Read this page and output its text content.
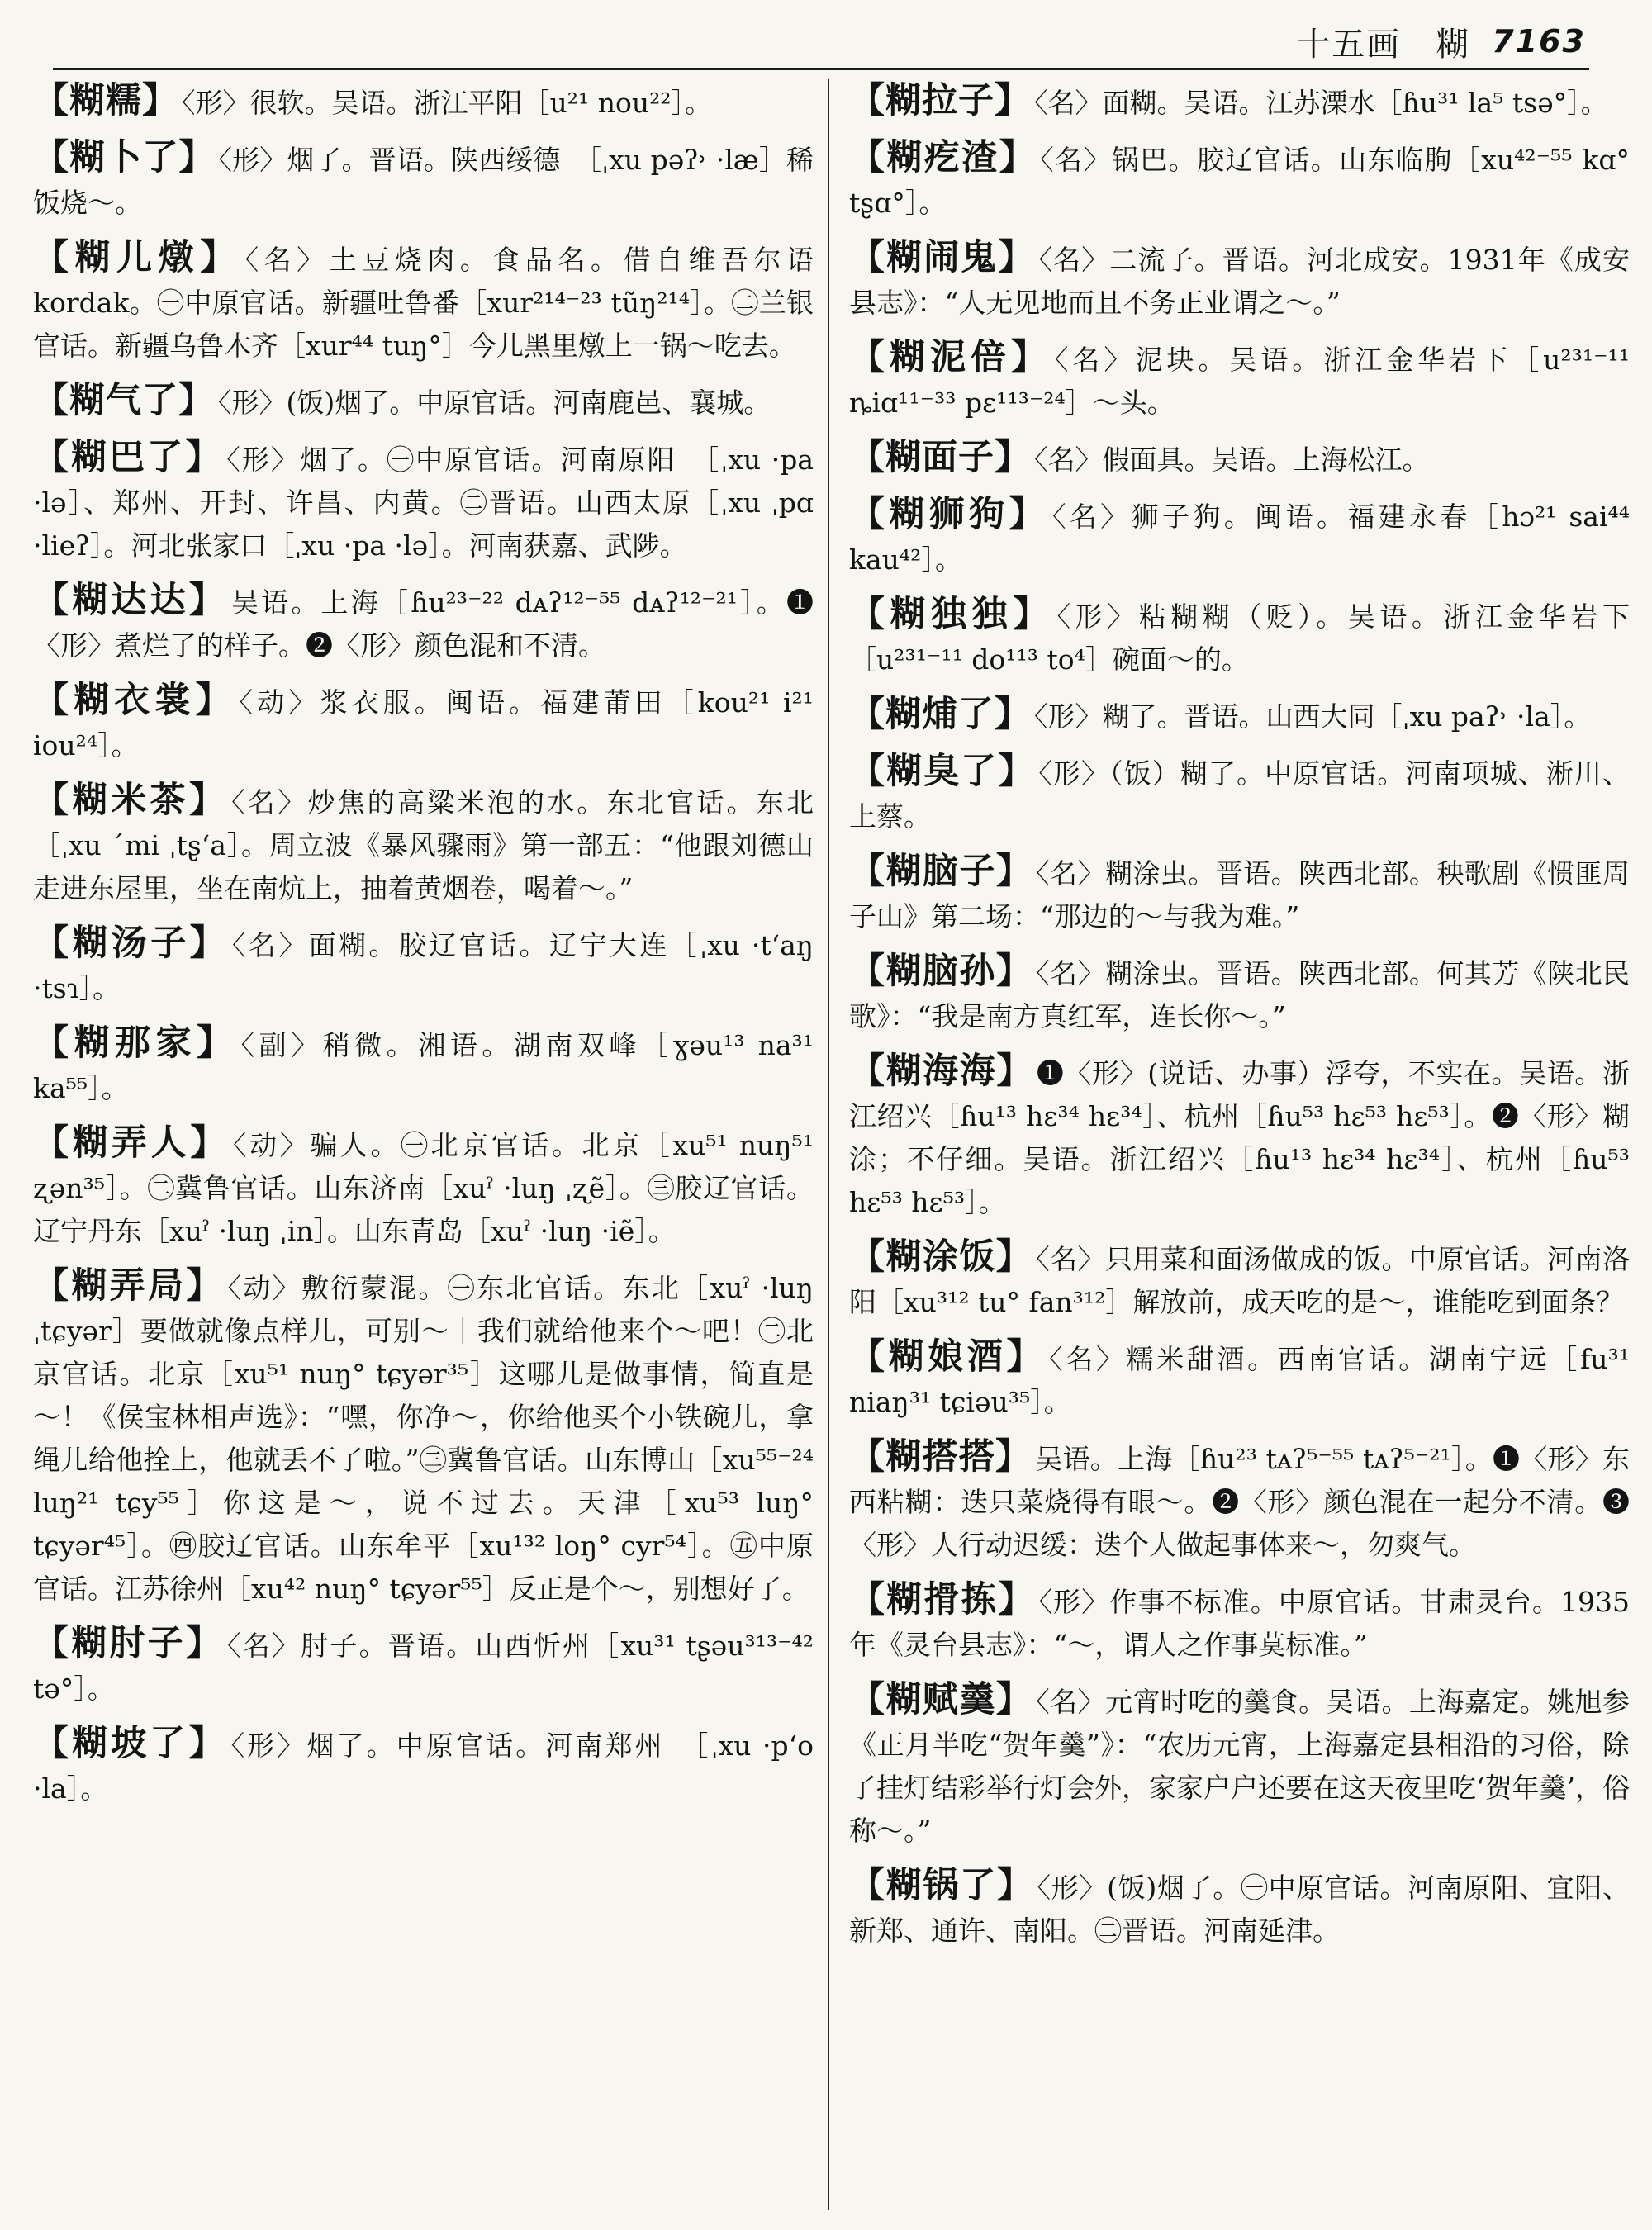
十五画　糊 7163
【糊糯】 〈形〉很软。吴语。浙江平阳［u²¹ nou²²］。
【糊卜了】 〈形〉烟了。晋语。陕西绥德　［ˌxu pəʔ˒ ·læ］稀饭烧～。
【糊儿燉】 〈名〉土豆烧肉。食品名。借自维吾尔语kordak。㊀中原官话。新疆吐鲁番［xur²¹⁴⁻²³ tũŋ²¹⁴］。㊁兰银官话。新疆乌鲁木齐［xur⁴⁴ tuŋ°］今儿黑里燉上一锅～吃去。
【糊气了】 〈形〉(饭)烟了。中原官话。河南鹿邑、襄城。
【糊巴了】 〈形〉烟了。㊀中原官话。河南原阳　［ˌxu ·pa ·lə］、郑州、开封、许昌、内黄。㊁晋语。山西太原［ˌxu ˌpɑ ·lieʔ］。河北张家口［ˌxu ·pa ·lə］。河南获嘉、武陟。
【糊达达】 吴语。上海［ɦu²³⁻²² dᴀʔ¹²⁻⁵⁵ dᴀʔ¹²⁻²¹］。❶〈形〉煮烂了的样子。❷〈形〉颜色混和不清。
【糊衣裳】 〈动〉浆衣服。闽语。福建莆田［kou²¹ i²¹ iou²⁴］。
【糊米茶】 〈名〉炒焦的高粱米泡的水。东北官话。东北［ˌxu ˊmi ˌtʂʻa］。周立波《暴风骤雨》第一部五：“他跟刘德山走进东屋里，坐在南炕上，抽着黄烟卷，喝着～。”
【糊汤子】 〈名〉面糊。胶辽官话。辽宁大连［ˌxu ·tʻaŋ ·tsɿ］。
【糊那家】 〈副〉稍微。湘语。湖南双峰［ɣəu¹³ na³¹ ka⁵⁵］。
【糊弄人】 〈动〉骗人。㊀北京官话。北京［xu⁵¹ nuŋ⁵¹ ʐən³⁵］。㊁冀鲁官话。山东济南［xuˀ ·luŋ ˌʐẽ］。㊂胶辽官话。辽宁丹东［xuˀ ·luŋ ˌin］。山东青岛［xuˀ ·luŋ ·iẽ］。
【糊弄局】 〈动〉敷衍蒙混。㊀东北官话。东北［xuˀ ·luŋ ˌtɕyər］要做就像点样儿，可别～｜我们就给他来个～吧！㊁北京官话。北京［xu⁵¹ nuŋ° tɕyər³⁵］这哪儿是做事情，简直是～！《侯宝林相声选》：“嘿，你净～，你给他买个小铁碗儿，拿绳儿给他拴上，他就丢不了啦。”㊂冀鲁官话。山东博山［xu⁵⁵⁻²⁴ luŋ²¹ tɕy⁵⁵］你这是～，说不过去。天津［xu⁵³ luŋ° tɕyər⁴⁵］。㊃胶辽官话。山东牟平［xu¹³² loŋ° cyr⁵⁴］。㊄中原官话。江苏徐州［xu⁴² nuŋ° tɕyər⁵⁵］反正是个～，别想好了。
【糊肘子】 〈名〉肘子。晋语。山西忻州［xu³¹ tʂəu³¹³⁻⁴² tə°］。
【糊坡了】 〈形〉烟了。中原官话。河南郑州　［ˌxu ·pʻo ·la］。
【糊拉子】 〈名〉面糊。吴语。江苏溧水［ɦu³¹ la⁵ tsə°］。
【糊疙渣】 〈名〉锅巴。胶辽官话。山东临朐［xu⁴²⁻⁵⁵ kɑ° tʂɑ°］。
【糊闹鬼】 〈名〉二流子。晋语。河北成安。1931年《成安县志》：“人无见地而且不务正业谓之～。”
【糊泥倍】 〈名〉泥块。吴语。浙江金华岩下［u²³¹⁻¹¹ ȵiɑ¹¹⁻³³ pɛ¹¹³⁻²⁴］～头。
【糊面子】 〈名〉假面具。吴语。上海松江。
【糊狮狗】 〈名〉狮子狗。闽语。福建永春［hɔ²¹ sai⁴⁴ kau⁴²］。
【糊独独】 〈形〉粘糊糊（贬）。吴语。浙江金华岩下［u²³¹⁻¹¹ do¹¹³ to⁴］碗面～的。
【糊烳了】 〈形〉糊了。晋语。山西大同［ˌxu paʔ˒ ·la］。
【糊臭了】 〈形〉（饭）糊了。中原官话。河南项城、淅川、上蔡。
【糊脑子】 〈名〉糊涂虫。晋语。陕西北部。秧歌剧《惯匪周子山》第二场：“那边的～与我为难。”
【糊脑孙】 〈名〉糊涂虫。晋语。陕西北部。何其芳《陕北民歌》：“我是南方真红军，连长你～。”
【糊海海】 ❶〈形〉(说话、办事）浮夸，不实在。吴语。浙江绍兴［ɦu¹³ hɛ³⁴ hɛ³⁴］、杭州［ɦu⁵³ hɛ⁵³ hɛ⁵³］。❷〈形〉糊涂；不仔细。吴语。浙江绍兴［ɦu¹³ hɛ³⁴ hɛ³⁴］、杭州［ɦu⁵³ hɛ⁵³ hɛ⁵³］。
【糊涂饭】 〈名〉只用菜和面汤做成的饭。中原官话。河南洛阳［xu³¹² tu° fan³¹²］解放前，成天吃的是～，谁能吃到面条？
【糊娘酒】 〈名〉糯米甜酒。西南官话。湖南宁远［fu³¹ niaŋ³¹ tɕiəu³⁵］。
【糊搭搭】 吴语。上海［ɦu²³ tᴀʔ⁵⁻⁵⁵ tᴀʔ⁵⁻²¹］。❶〈形〉东西粘糊：迭只菜烧得有眼～。❷〈形〉颜色混在一起分不清。❸〈形〉人行动迟缓：迭个人做起事体来～，勿爽气。
【糊搰拣】 〈形〉作事不标准。中原官话。甘肃灵台。1935年《灵台县志》：“～，谓人之作事莫标准。”
【糊赋羹】 〈名〉元宵时吃的羹食。吴语。上海嘉定。姚旭参《正月半吃“贺年羹”》：“农历元宵，上海嘉定县相沿的习俗，除了挂灯结彩举行灯会外，家家户户还要在这天夜里吃‘贺年羹’，俗称～。”
【糊锅了】 〈形〉(饭)烟了。㊀中原官话。河南原阳、宜阳、新郑、通许、南阳。㊁晋语。河南延津。
